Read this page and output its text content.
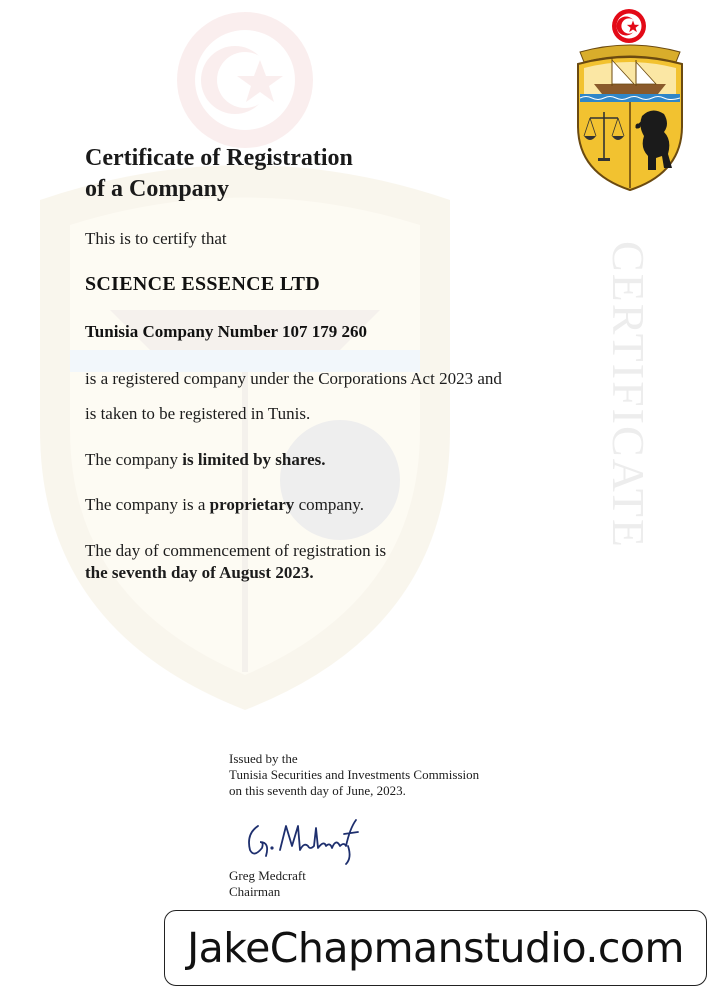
CERTIFICATE
Certificate of Registration
of a Company
This is to certify that
SCIENCE ESSENCE LTD
Tunisia Company Number 107 179 260
is a registered company under the Corporations Act 2023 and
is taken to be registered in Tunis.
The company is limited by shares.
The company is a proprietary company.
The day of commencement of registration is
the seventh day of August 2023.
Issued by the
Tunisia Securities and Investments Commission
on this seventh day of June, 2023.
Greg Medcraft
Chairman
JakeChapmanstudio.com
